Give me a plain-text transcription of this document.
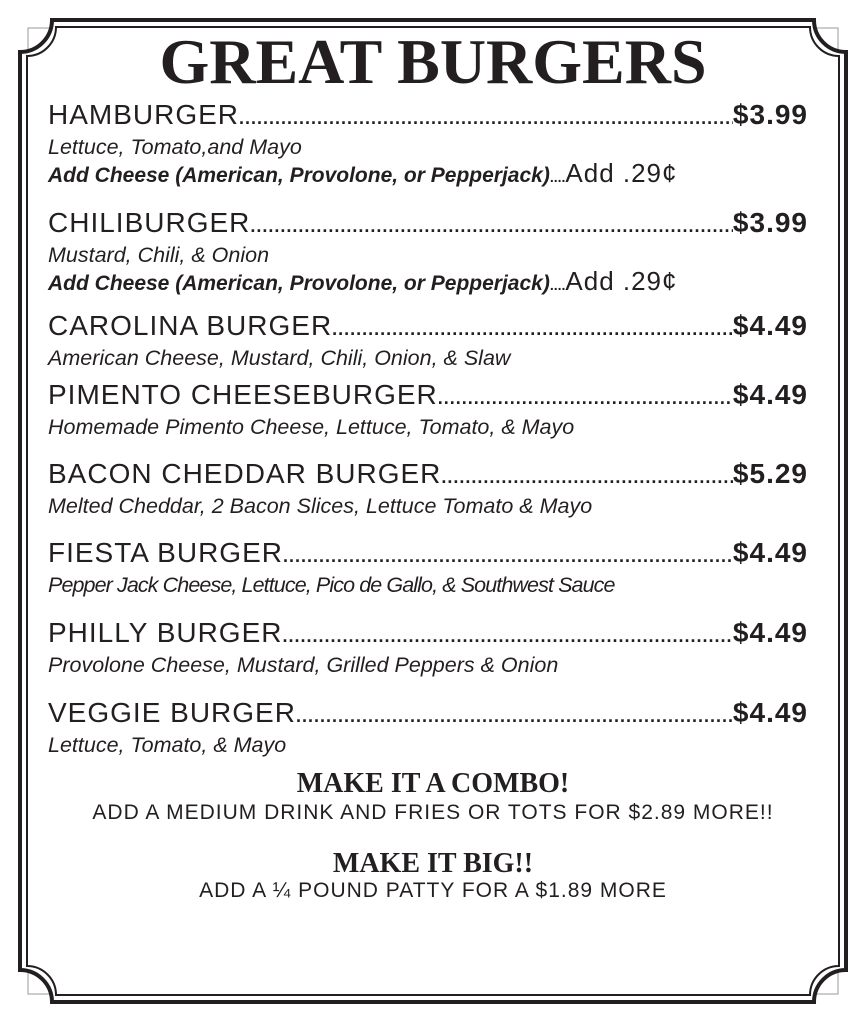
GREAT BURGERS
HAMBURGER .....	$3.99
Lettuce, Tomato,and Mayo
Add Cheese (American, Provolone, or Pepperjack) .... Add .29¢
CHILIBURGER .....	$3.99
Mustard, Chili, & Onion
Add Cheese (American, Provolone, or Pepperjack) .... Add .29¢
CAROLINA BURGER .....	$4.49
American Cheese, Mustard, Chili, Onion, & Slaw
PIMENTO CHEESEBURGER .....	$4.49
Homemade Pimento Cheese, Lettuce, Tomato, & Mayo
BACON CHEDDAR BURGER .....	$5.29
Melted Cheddar, 2 Bacon Slices, Lettuce Tomato & Mayo
FIESTA BURGER .....	$4.49
Pepper Jack Cheese, Lettuce, Pico de Gallo, & Southwest Sauce
PHILLY BURGER .....	$4.49
Provolone Cheese, Mustard, Grilled Peppers & Onion
VEGGIE BURGER .....	$4.49
Lettuce, Tomato, & Mayo
MAKE IT A COMBO!
ADD A MEDIUM DRINK AND FRIES OR TOTS FOR $2.89 MORE!!
MAKE IT BIG!!
ADD A ¼ POUND PATTY FOR A $1.89 MORE
